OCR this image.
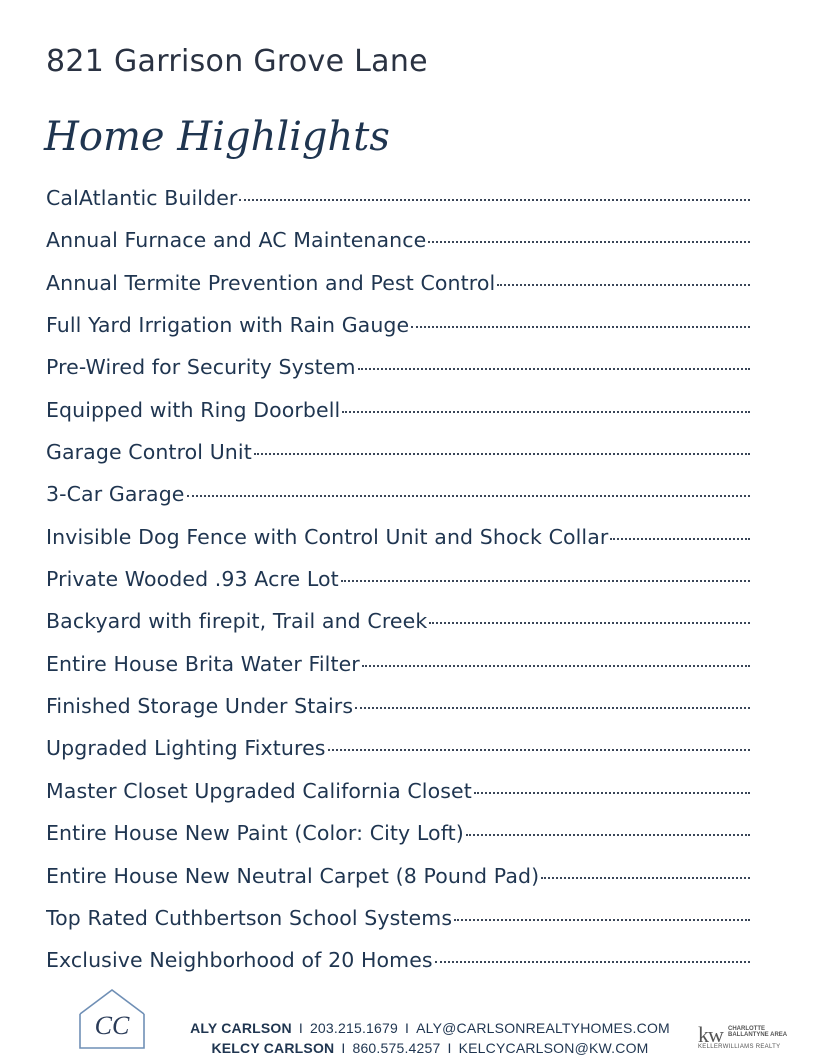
821 Garrison Grove Lane
Home Highlights
CalAtlantic Builder
Annual Furnace and AC Maintenance
Annual Termite Prevention and Pest Control
Full Yard Irrigation with Rain Gauge
Pre-Wired for Security System
Equipped with Ring Doorbell
Garage Control Unit
3-Car Garage
Invisible Dog Fence with Control Unit and Shock Collar
Private Wooded .93 Acre Lot
Backyard with firepit, Trail and Creek
Entire House Brita Water Filter
Finished Storage Under Stairs
Upgraded Lighting Fixtures
Master Closet Upgraded California Closet
Entire House New Paint (Color: City Loft)
Entire House New Neutral Carpet (8 Pound Pad)
Top Rated Cuthbertson School Systems
Exclusive Neighborhood of 20 Homes
CC	ALY CARLSON I 203.215.1679 I ALY@CARLSONREALTYHOMES.COM
KELCY CARLSON I 860.575.4257 I KELCYCARLSON@KW.COM
kw CHARLOTTE BALLANTYNE AREA
KELLERWILLIAMS REALTY
